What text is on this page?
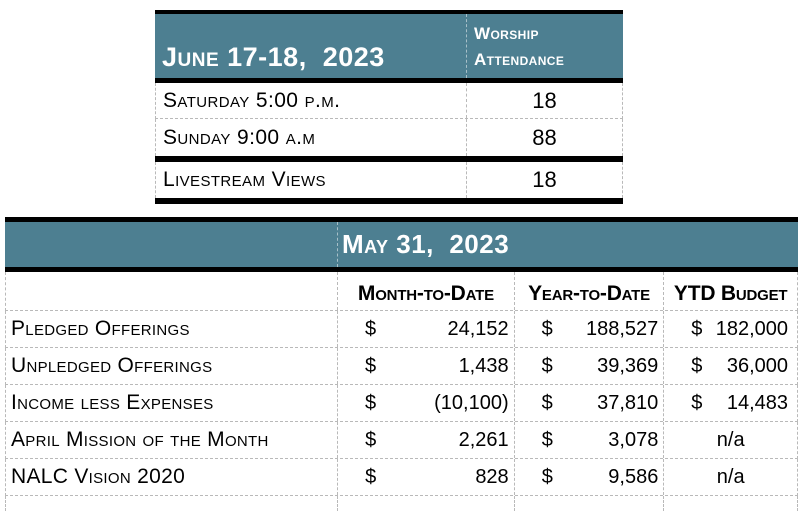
June 17-18,  2023
Worship Attendance
Saturday 5:00 p.m.	18
Sunday 9:00 a.m	88
Livestream Views	18
May 31,  2023
Month-to-Date	Year-to-Date	YTD Budget
Pledged Offerings	$	24,152 $ 188,527 $ 182,000
Unpledged Offerings	$	1,438 $ 39,369 $ 36,000
Income less Expenses	$	(10,100) $ 37,810 $ 14,483
April Mission of the Month	$	2,261 $	3,078	n/a
NALC Vision 2020	$	828 $	9,586	n/a
